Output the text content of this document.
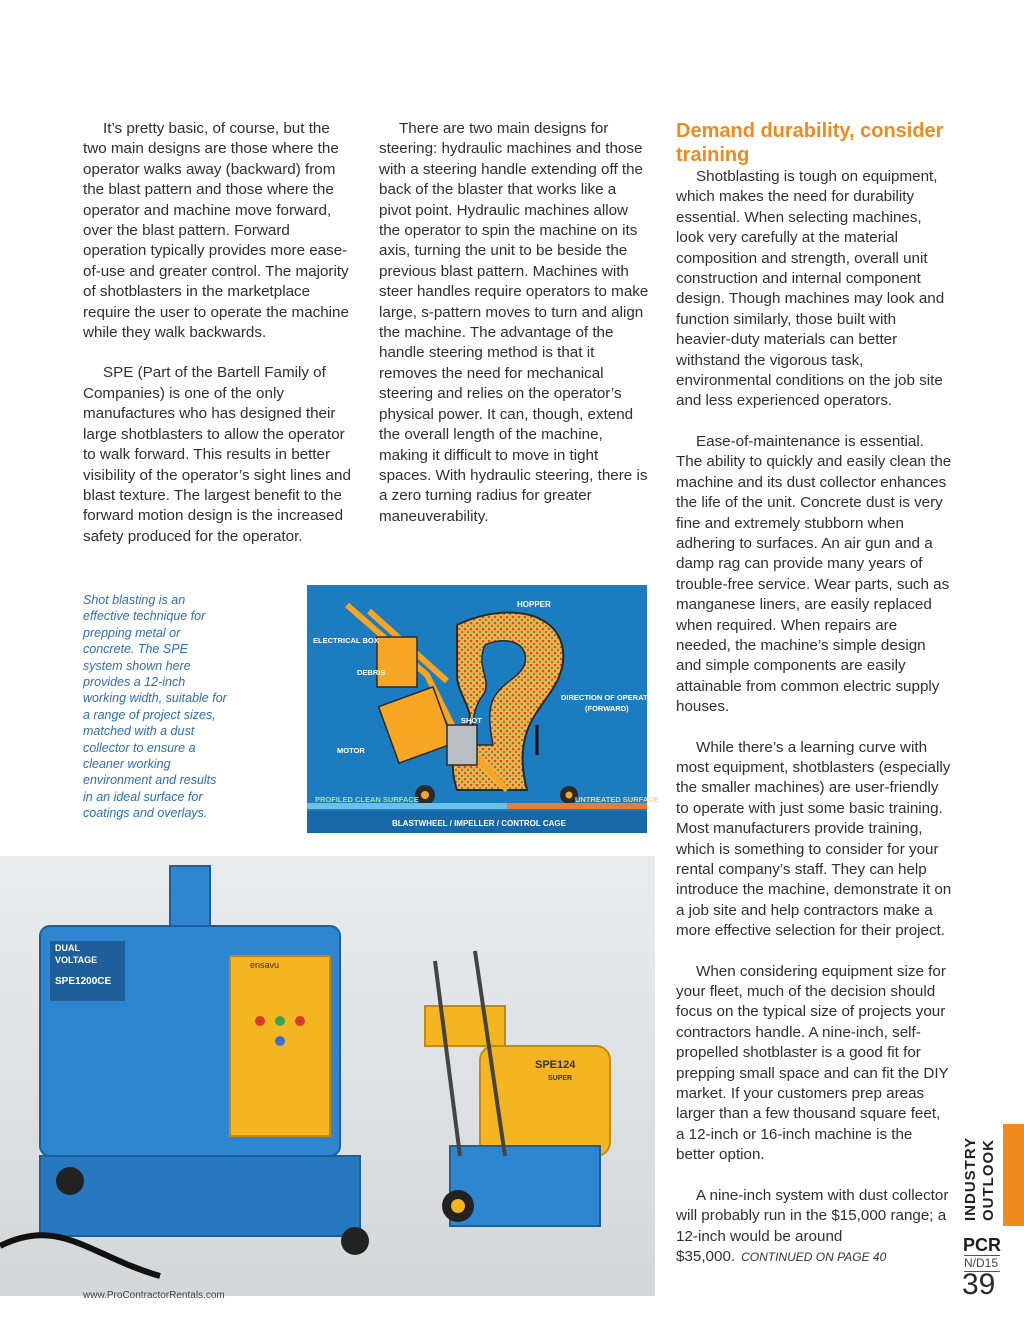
It’s pretty basic, of course, but the two main designs are those where the operator walks away (backward) from the blast pattern and those where the operator and machine move forward, over the blast pattern. Forward operation typically provides more ease-of-use and greater control. The majority of shotblasters in the marketplace require the user to operate the machine while they walk backwards.

SPE (Part of the Bartell Family of Companies) is one of the only manufactures who has designed their large shotblasters to allow the operator to walk forward. This results in better visibility of the operator’s sight lines and blast texture. The largest benefit to the forward motion design is the increased safety produced for the operator.

There are two main designs for steering: hydraulic machines and those with a steering handle extending off the back of the blaster that works like a pivot point. Hydraulic machines allow the operator to spin the machine on its axis, turning the unit to be beside the previous blast pattern. Machines with steer handles require operators to make large, s-pattern moves to turn and align the machine. The advantage of the handle steering method is that it removes the need for mechanical steering and relies on the operator’s physical power. It can, though, extend the overall length of the machine, making it difficult to move in tight spaces. With hydraulic steering, there is a zero turning radius for greater maneuverability.

Demand durability, consider training

Shotblasting is tough on equipment, which makes the need for durability essential. When selecting machines, look very carefully at the material composition and strength, overall unit construction and internal component design. Though machines may look and function similarly, those built with heavier-duty materials can better withstand the vigorous task, environmental conditions on the job site and less experienced operators.

Ease-of-maintenance is essential. The ability to quickly and easily clean the machine and its dust collector enhances the life of the unit. Concrete dust is very fine and extremely stubborn when adhering to surfaces. An air gun and a damp rag can provide many years of trouble-free service. Wear parts, such as manganese liners, are easily replaced when required. When repairs are needed, the machine’s simple design and simple components are easily attainable from common electric supply houses.

While there’s a learning curve with most equipment, shotblasters (especially the smaller machines) are user-friendly to operate with just some basic training. Most manufacturers provide training, which is something to consider for your rental company’s staff. They can help introduce the machine, demonstrate it on a job site and help contractors make a more effective selection for their project.

When considering equipment size for your fleet, much of the decision should focus on the typical size of projects your contractors handle. A nine-inch, self-propelled shotblaster is a good fit for prepping small space and can fit the DIY market. If your customers prep areas larger than a few thousand square feet, a 12-inch or 16-inch machine is the better option.

A nine-inch system with dust collector will probably run in the $15,000 range; a 12-inch would be around $35,000. CONTINUED ON PAGE 40

Shot blasting is an effective technique for prepping metal or concrete. The SPE system shown here provides a 12-inch working width, suitable for a range of project sizes, matched with a dust collector to ensure a cleaner working environment and results in an ideal surface for coatings and overlays.
HOPPER
ELECTRICAL BOX
DEBRIS
DIRECTION OF OPERATION
(FORWARD)
SHOT
MOTOR
PROFILED CLEAN SURFACE	UNTREATED SURFACE
BLASTWHEEL / IMPELLER / CONTROL CAGE
ensavu
DUAL
VOLTAGE
SPE1200CE
SPE124
SUPER
www.ProContractorRentals.com
INDUSTRY OUTLOOK
PCR
N/D15
39
